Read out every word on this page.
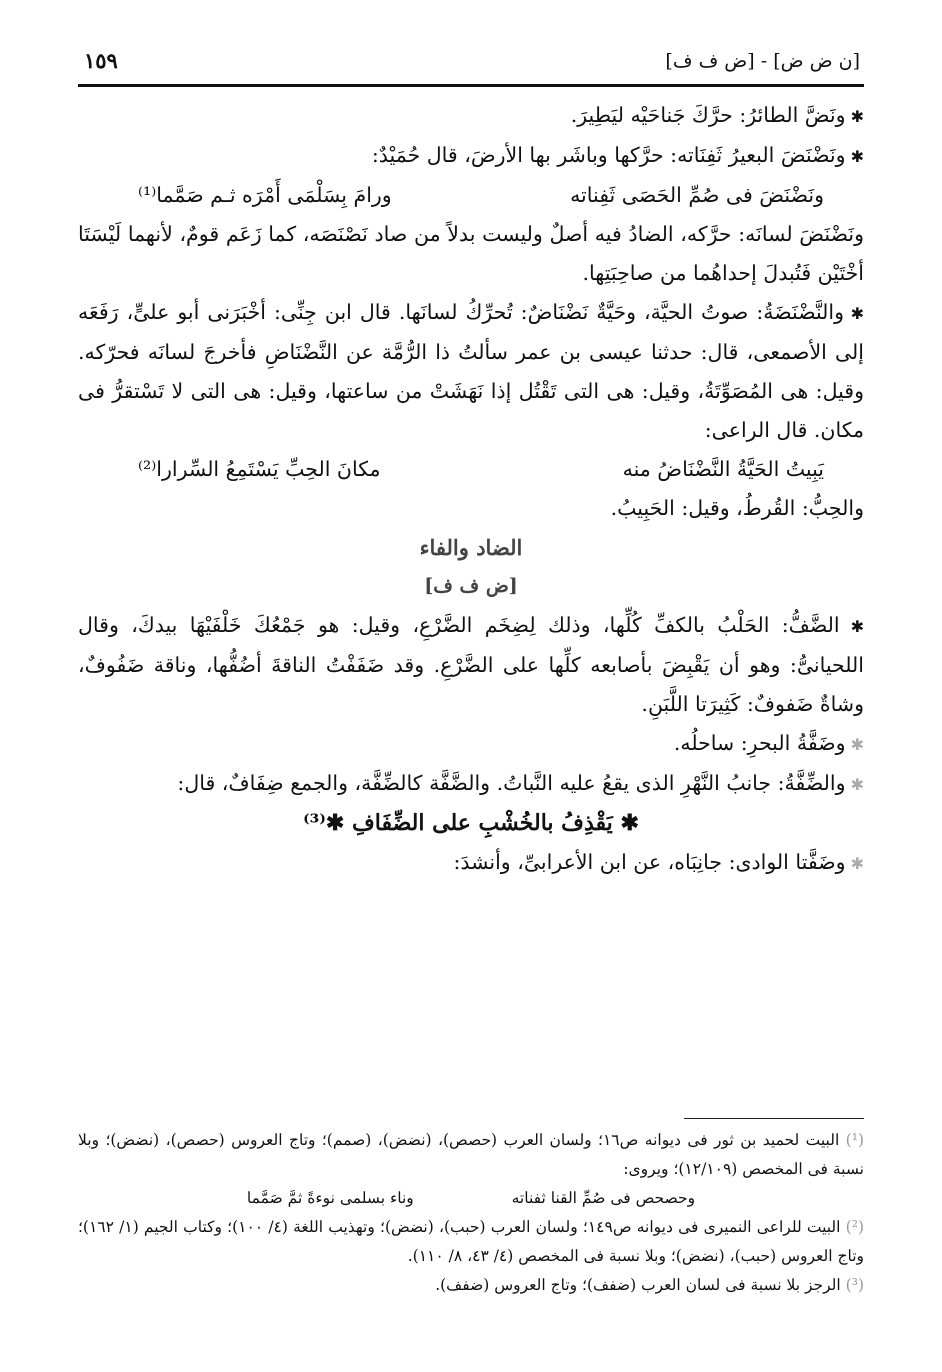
[ن ض ض] - [ض ف ف]
١٥٩

✱ ونَضَّ الطائرُ: حرَّكَ جَناحَيْه ليَطِيرَ.

✱ ونَضْنَضَ البعيرُ ثَفِنَاته: حرَّكها وباشَر بها الأرضَ، قال حُمَيْدٌ:

ونَضْنَضَ فى صُمِّ الحَصَى ثَفِناته
ورامَ بِسَلْمَى أَمْرَه ثـم صَمَّما⁽¹⁾

ونَضْنَضَ لسانَه: حرَّكه، الضادُ فيه أصلٌ وليست بدلاً من صاد نَصْنَصَه، كما زَعَم قومٌ، لأنهما لَيْسَتَا أخْتَيْن فَتُبدلَ إحداهُما من صاحِبَتِها.

✱ والنَّضْنَضَةُ: صوتُ الحيَّة، وحَيَّةٌ نَضْنَاضٌ: تُحرِّكُ لسانَها. قال ابن جِنِّى: أخْبَرَنى أبو علىٍّ، رَفَعَه إلى الأصمعى، قال: حدثنا عيسى بن عمر سألتُ ذا الرُّمَّة عن النَّضْنَاضِ فأخرجَ لسانَه فحرّكه. وقيل: هى المُصَوِّتَةُ، وقيل: هى التى تَقْتُل إذا نَهَشَتْ من ساعتها، وقيل: هى التى لا تَسْتقرُّ فى مكان. قال الراعى:

يَبِيتُ الحَيَّةُ النَّضْنَاضُ منه
مكانَ الحِبِّ يَسْتَمِعُ السِّرارا⁽²⁾

والحِبُّ: القُرطُ، وقيل: الحَبِيبُ.

الضاد والفاء

[ض ف ف]

✱ الضَّفُّ: الحَلْبُ بالكفِّ كُلِّها، وذلك لِضِخَم الضَّرْعِ، وقيل: هو جَمْعُكَ خَلْفَيْهَا بيدكَ، وقال اللحيانىُّ: وهو أن يَقْبِضَ بأصابعه كلِّها على الضَّرْعِ. وقد ضَفَفْتُ الناقةَ أضُفُّها، وناقة ضَفُوفٌ، وشاةٌ ضَفوفٌ: كَثِيرَتا اللَّبَنِ.

✱ وضَفَّةُ البحرِ: ساحلُه.

✱ والضِّفَّةُ: جانبُ النَّهْرِ الذى يقعُ عليه النَّباتُ. والضَّفَّة كالضِّفَّة، والجمع ضِفَافٌ، قال:

✱ يَقْذِفُ بالخُشْبِ على الضِّفَافِ ✱⁽³⁾

✱ وضَفَّتا الوادى: جانِبَاه، عن ابن الأعرابىِّ، وأنشدَ:

(¹) البيت لحميد بن ثور فى ديوانه ص١٦؛ ولسان العرب (حصص)، (نضض)، (صمم)؛ وتاج العروس (حصص)، (نضض)؛ وبلا نسبة فى المخصص (١٢/١٠٩)؛ ويروى:

وحصحص فى صُمِّ القنا ثفناته
وناء بسلمى نوءةً ثمَّ صَمَّما

(²) البيت للراعى النميرى فى ديوانه ص١٤٩؛ ولسان العرب (حبب)، (نضض)؛ وتهذيب اللغة (٤/ ١٠٠)؛ وكتاب الجيم (١/ ١٦٢)؛ وتاج العروس (حبب)، (نضض)؛ وبلا نسبة فى المخصص (٤/ ٤٣، ٨/ ١١٠).

(³) الرجز بلا نسبة فى لسان العرب (ضفف)؛ وتاج العروس (ضفف).
